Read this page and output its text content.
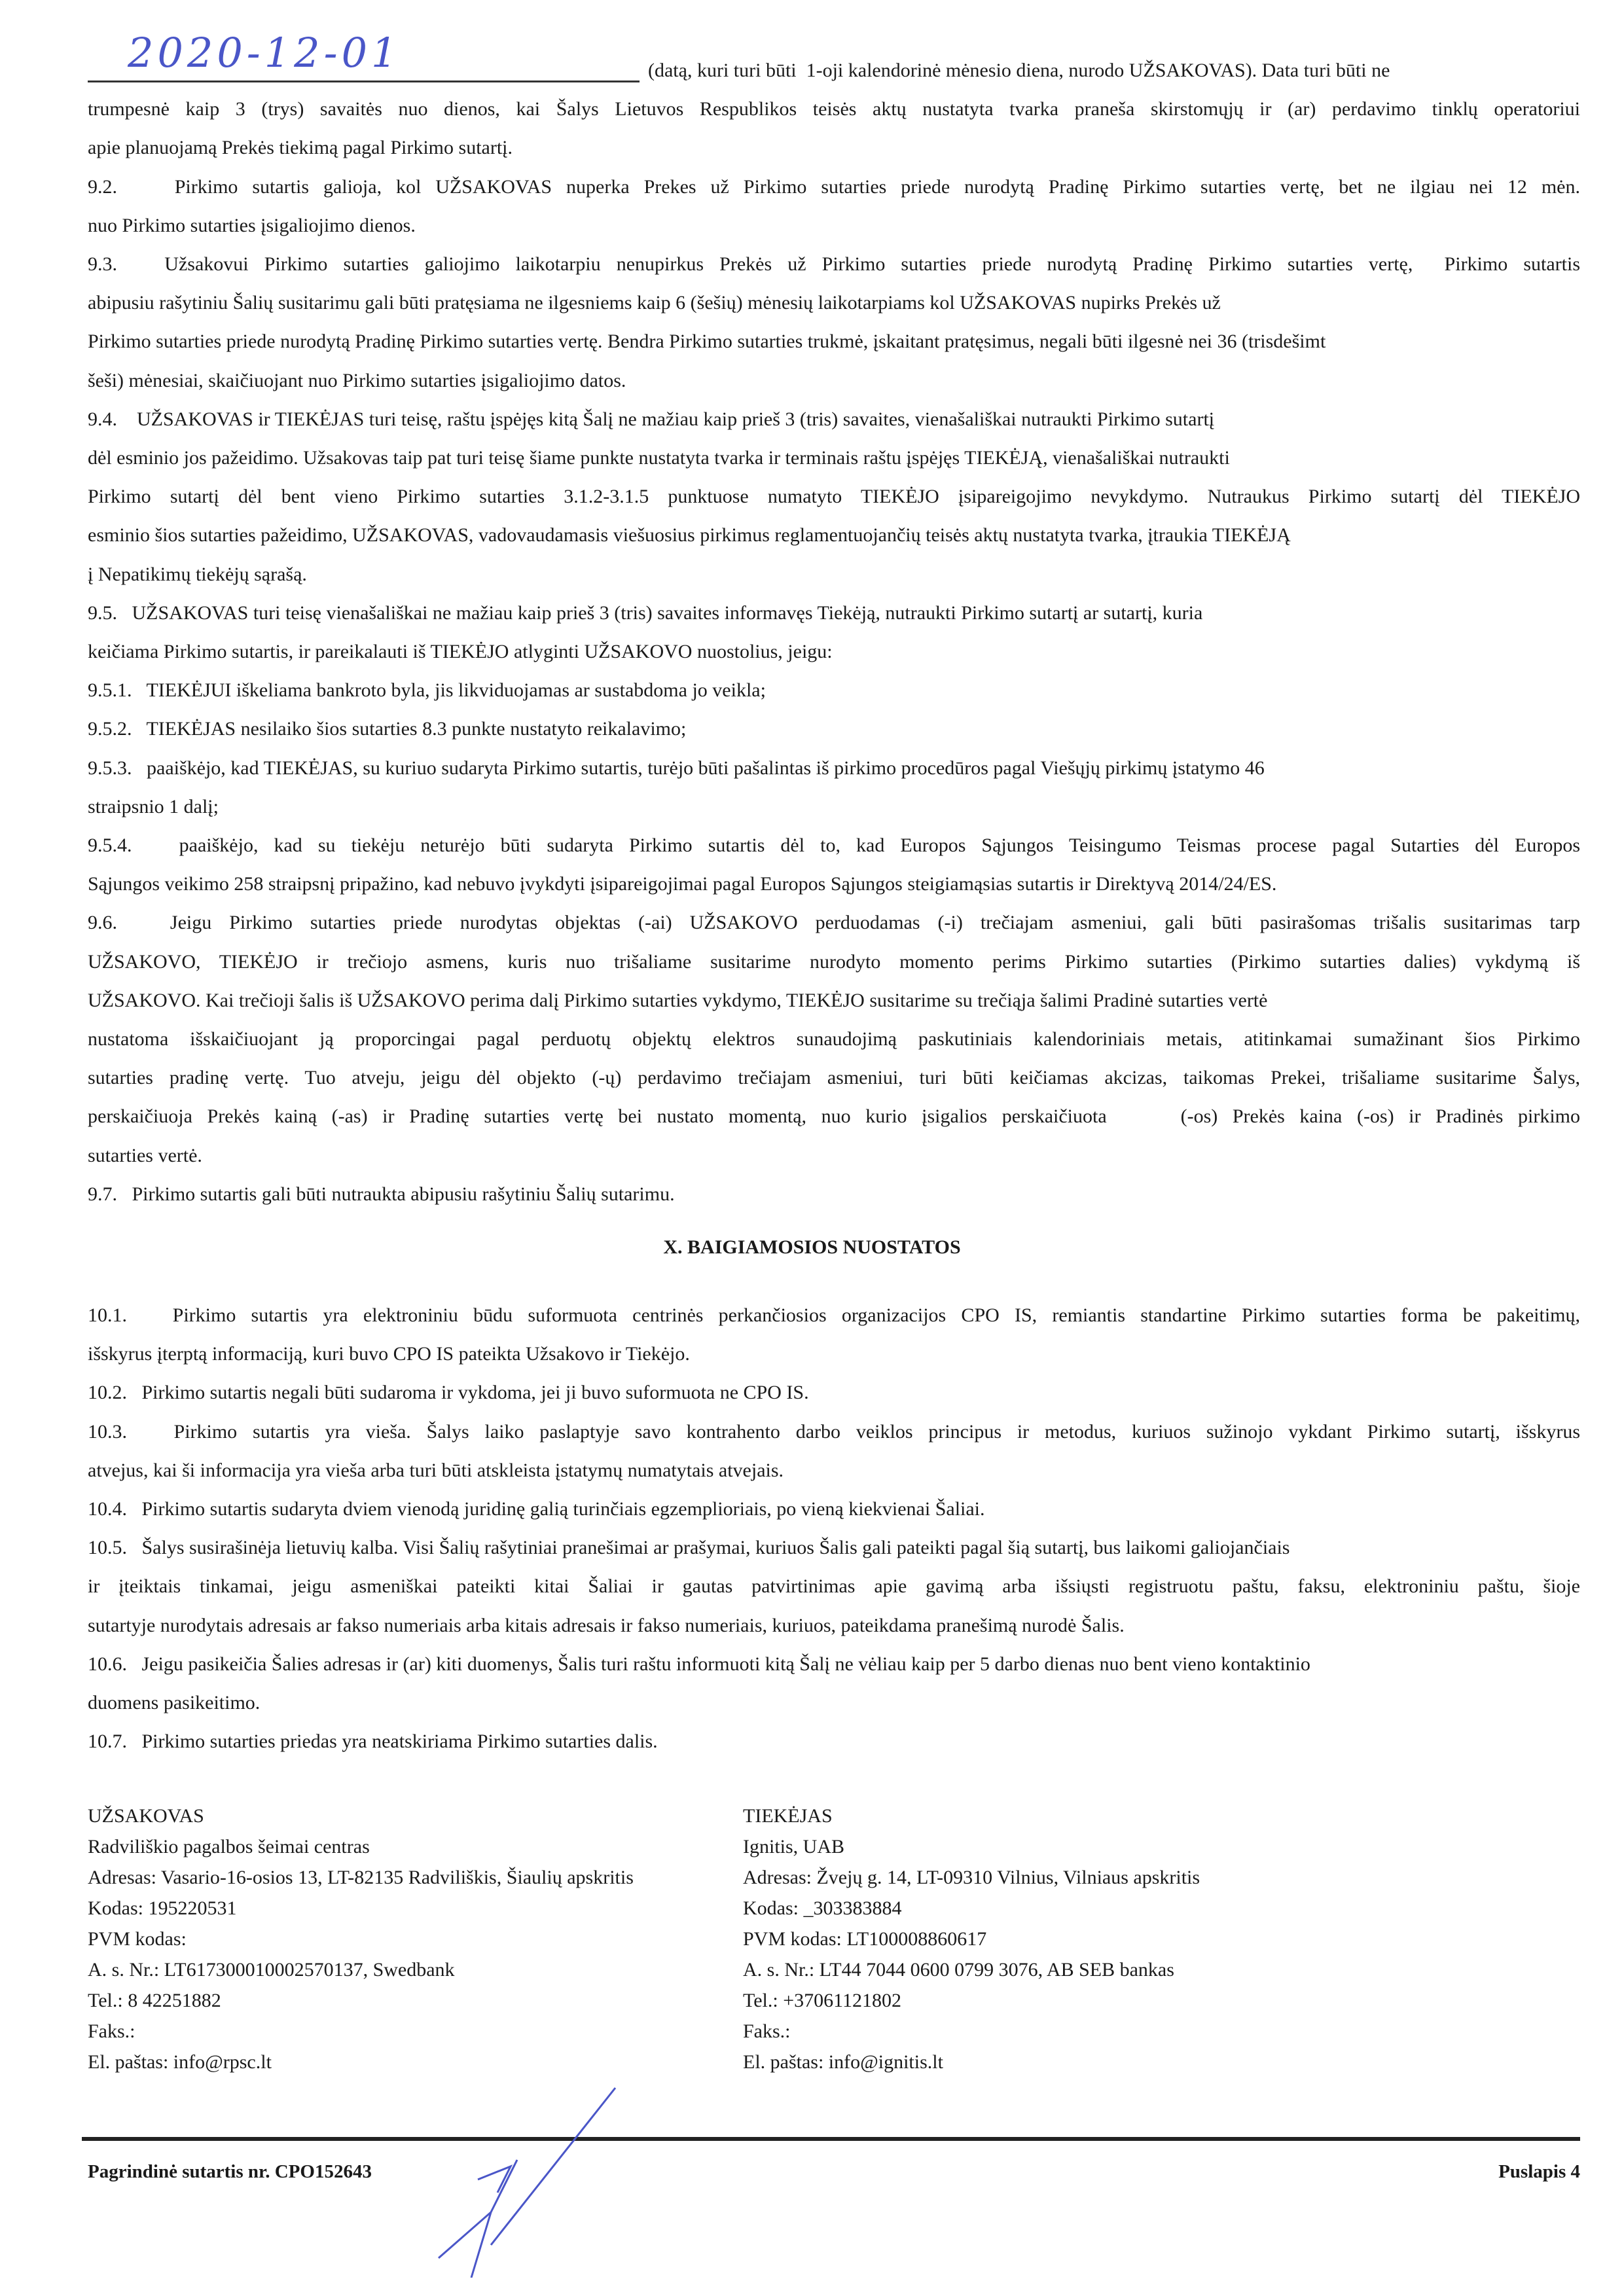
2020-12-01	(datą, kuri turi būti  1-oji kalendorinė mėnesio diena, nurodo UŽSAKOVAS). Data turi būti ne
trumpesnė kaip 3 (trys) savaitės nuo dienos, kai Šalys Lietuvos Respublikos teisės aktų nustatyta tvarka praneša skirstomųjų ir (ar) perdavimo tinklų operatoriui
apie planuojamą Prekės tiekimą pagal Pirkimo sutartį.
9.2.    Pirkimo sutartis galioja, kol UŽSAKOVAS nuperka Prekes už Pirkimo sutarties priede nurodytą Pradinę Pirkimo sutarties vertę, bet ne ilgiau nei 12 mėn.
nuo Pirkimo sutarties įsigaliojimo dienos.
9.3.   Užsakovui Pirkimo sutarties galiojimo laikotarpiu nenupirkus Prekės už Pirkimo sutarties priede nurodytą Pradinę Pirkimo sutarties vertę,  Pirkimo sutartis
abipusiu rašytiniu Šalių susitarimu gali būti pratęsiama ne ilgesniems kaip 6 (šešių) mėnesių laikotarpiams kol UŽSAKOVAS nupirks Prekės už
Pirkimo sutarties priede nurodytą Pradinę Pirkimo sutarties vertę. Bendra Pirkimo sutarties trukmė, įskaitant pratęsimus, negali būti ilgesnė nei 36 (trisdešimt
šeši) mėnesiai, skaičiuojant nuo Pirkimo sutarties įsigaliojimo datos.
9.4.    UŽSAKOVAS ir TIEKĖJAS turi teisę, raštu įspėjęs kitą Šalį ne mažiau kaip prieš 3 (tris) savaites, vienašališkai nutraukti Pirkimo sutartį
dėl esminio jos pažeidimo. Užsakovas taip pat turi teisę šiame punkte nustatyta tvarka ir terminais raštu įspėjęs TIEKĖJĄ, vienašališkai nutraukti
Pirkimo sutartį dėl bent vieno Pirkimo sutarties 3.1.2-3.1.5 punktuose numatyto TIEKĖJO įsipareigojimo nevykdymo. Nutraukus Pirkimo sutartį dėl TIEKĖJO
esminio šios sutarties pažeidimo, UŽSAKOVAS, vadovaudamasis viešuosius pirkimus reglamentuojančių teisės aktų nustatyta tvarka, įtraukia TIEKĖJĄ
į Nepatikimų tiekėjų sąrašą.
9.5.   UŽSAKOVAS turi teisę vienašališkai ne mažiau kaip prieš 3 (tris) savaites informavęs Tiekėją, nutraukti Pirkimo sutartį ar sutartį, kuria
keičiama Pirkimo sutartis, ir pareikalauti iš TIEKĖJO atlyginti UŽSAKOVO nuostolius, jeigu:
9.5.1.   TIEKĖJUI iškeliama bankroto byla, jis likviduojamas ar sustabdoma jo veikla;
9.5.2.   TIEKĖJAS nesilaiko šios sutarties 8.3 punkte nustatyto reikalavimo;
9.5.3.   paaiškėjo, kad TIEKĖJAS, su kuriuo sudaryta Pirkimo sutartis, turėjo būti pašalintas iš pirkimo procedūros pagal Viešųjų pirkimų įstatymo 46
straipsnio 1 dalį;
9.5.4.   paaiškėjo, kad su tiekėju neturėjo būti sudaryta Pirkimo sutartis dėl to, kad Europos Sąjungos Teisingumo Teismas procese pagal Sutarties dėl Europos
Sąjungos veikimo 258 straipsnį pripažino, kad nebuvo įvykdyti įsipareigojimai pagal Europos Sąjungos steigiamąsias sutartis ir Direktyvą 2014/24/ES.
9.6.   Jeigu Pirkimo sutarties priede nurodytas objektas (-ai) UŽSAKOVO perduodamas (-i) trečiajam asmeniui, gali būti pasirašomas trišalis susitarimas tarp
UŽSAKOVO, TIEKĖJO ir trečiojo asmens, kuris nuo trišaliame susitarime nurodyto momento perims Pirkimo sutarties (Pirkimo sutarties dalies) vykdymą iš
UŽSAKOVO. Kai trečioji šalis iš UŽSAKOVO perima dalį Pirkimo sutarties vykdymo, TIEKĖJO susitarime su trečiąja šalimi Pradinė sutarties vertė
nustatoma išskaičiuojant ją proporcingai pagal perduotų objektų elektros sunaudojimą paskutiniais kalendoriniais metais, atitinkamai sumažinant šios Pirkimo
sutarties pradinę vertę. Tuo atveju, jeigu dėl objekto (-ų) perdavimo trečiajam asmeniui, turi būti keičiamas akcizas, taikomas Prekei, trišaliame susitarime Šalys,
perskaičiuoja Prekės kainą (-as) ir Pradinę sutarties vertę bei nustato momentą, nuo kurio įsigalios perskaičiuota     (-os) Prekės kaina (-os) ir Pradinės pirkimo
sutarties vertė.
9.7.   Pirkimo sutartis gali būti nutraukta abipusiu rašytiniu Šalių sutarimu.
X. BAIGIAMOSIOS NUOSTATOS
10.1.   Pirkimo sutartis yra elektroniniu būdu suformuota centrinės perkančiosios organizacijos CPO IS, remiantis standartine Pirkimo sutarties forma be pakeitimų,
išskyrus įterptą informaciją, kuri buvo CPO IS pateikta Užsakovo ir Tiekėjo.
10.2.   Pirkimo sutartis negali būti sudaroma ir vykdoma, jei ji buvo suformuota ne CPO IS.
10.3.   Pirkimo sutartis yra vieša. Šalys laiko paslaptyje savo kontrahento darbo veiklos principus ir metodus, kuriuos sužinojo vykdant Pirkimo sutartį, išskyrus
atvejus, kai ši informacija yra vieša arba turi būti atskleista įstatymų numatytais atvejais.
10.4.   Pirkimo sutartis sudaryta dviem vienodą juridinę galią turinčiais egzemplioriais, po vieną kiekvienai Šaliai.
10.5.   Šalys susirašinėja lietuvių kalba. Visi Šalių rašytiniai pranešimai ar prašymai, kuriuos Šalis gali pateikti pagal šią sutartį, bus laikomi galiojančiais
ir įteiktais tinkamai, jeigu asmeniškai pateikti kitai Šaliai ir gautas patvirtinimas apie gavimą arba išsiųsti registruotu paštu, faksu, elektroniniu paštu, šioje
sutartyje nurodytais adresais ar fakso numeriais arba kitais adresais ir fakso numeriais, kuriuos, pateikdama pranešimą nurodė Šalis.
10.6.   Jeigu pasikeičia Šalies adresas ir (ar) kiti duomenys, Šalis turi raštu informuoti kitą Šalį ne vėliau kaip per 5 darbo dienas nuo bent vieno kontaktinio
duomens pasikeitimo.
10.7.   Pirkimo sutarties priedas yra neatskiriama Pirkimo sutarties dalis.
UŽSAKOVAS
Radviliškio pagalbos šeimai centras
Adresas: Vasario-16-osios 13, LT-82135 Radviliškis, Šiaulių apskritis
Kodas: 195220531
PVM kodas:
A. s. Nr.: LT617300010002570137, Swedbank
Tel.: 8 42251882
Faks.:
El. paštas: info@rpsc.lt
TIEKĖJAS
Ignitis, UAB
Adresas: Žvejų g. 14, LT-09310 Vilnius, Vilniaus apskritis
Kodas: _303383884
PVM kodas: LT100008860617
A. s. Nr.: LT44 7044 0600 0799 3076, AB SEB bankas
Tel.: +37061121802
Faks.:
El. paštas: info@ignitis.lt
Pagrindinė sutartis nr. CPO152643	Puslapis 4
